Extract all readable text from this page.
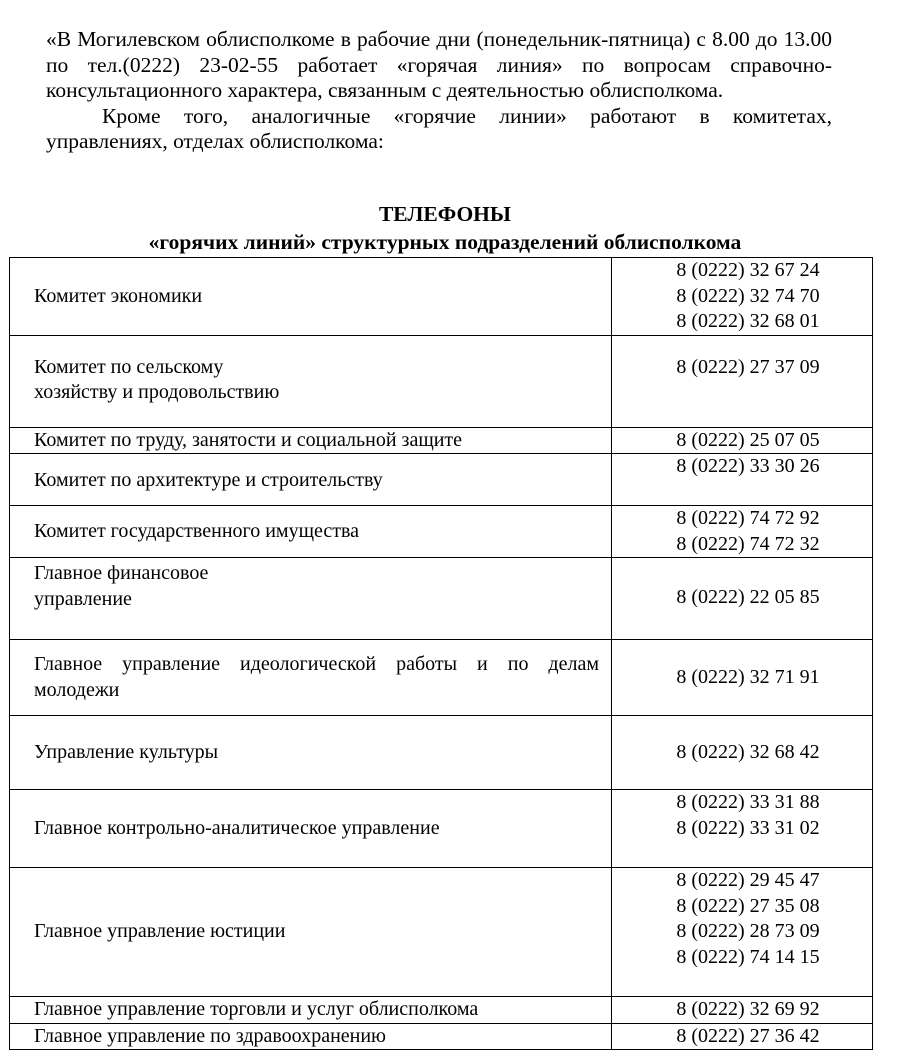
«В Могилевском облисполкоме в рабочие дни (понедельник-пятница) с 8.00 до 13.00 по тел.(0222) 23-02-55 работает «горячая линия» по вопросам справочно-консультационного характера, связанным с деятельностью облисполкома.

Кроме того, аналогичные «горячие линии» работают в комитетах, управлениях, отделах облисполкома:

ТЕЛЕФОНЫ
«горячих линий» структурных подразделений облисполкома
Комитет экономики	8 (0222) 32 67 24
8 (0222) 32 74 70
8 (0222) 32 68 01

Комитет по сельскому
хозяйству и продовольствию	8 (0222) 27 37 09

Комитет по труду, занятости и социальной защите	8 (0222) 25 07 05

Комитет по архитектуре и строительству	8 (0222) 33 30 26

Комитет государственного имущества	8 (0222) 74 72 92
8 (0222) 74 72 32

Главное финансовое
управление	8 (0222) 22 05 85

Главное управление идеологической работы и по делам молодежи	8 (0222) 32 71 91

Управление культуры	8 (0222) 32 68 42

Главное контрольно-аналитическое управление	8 (0222) 33 31 88
8 (0222) 33 31 02

Главное управление юстиции	8 (0222) 29 45 47
8 (0222) 27 35 08
8 (0222) 28 73 09
8 (0222) 74 14 15

Главное управление торговли и услуг облисполкома	8 (0222) 32 69 92

Главное управление по здравоохранению	8 (0222) 27 36 42
